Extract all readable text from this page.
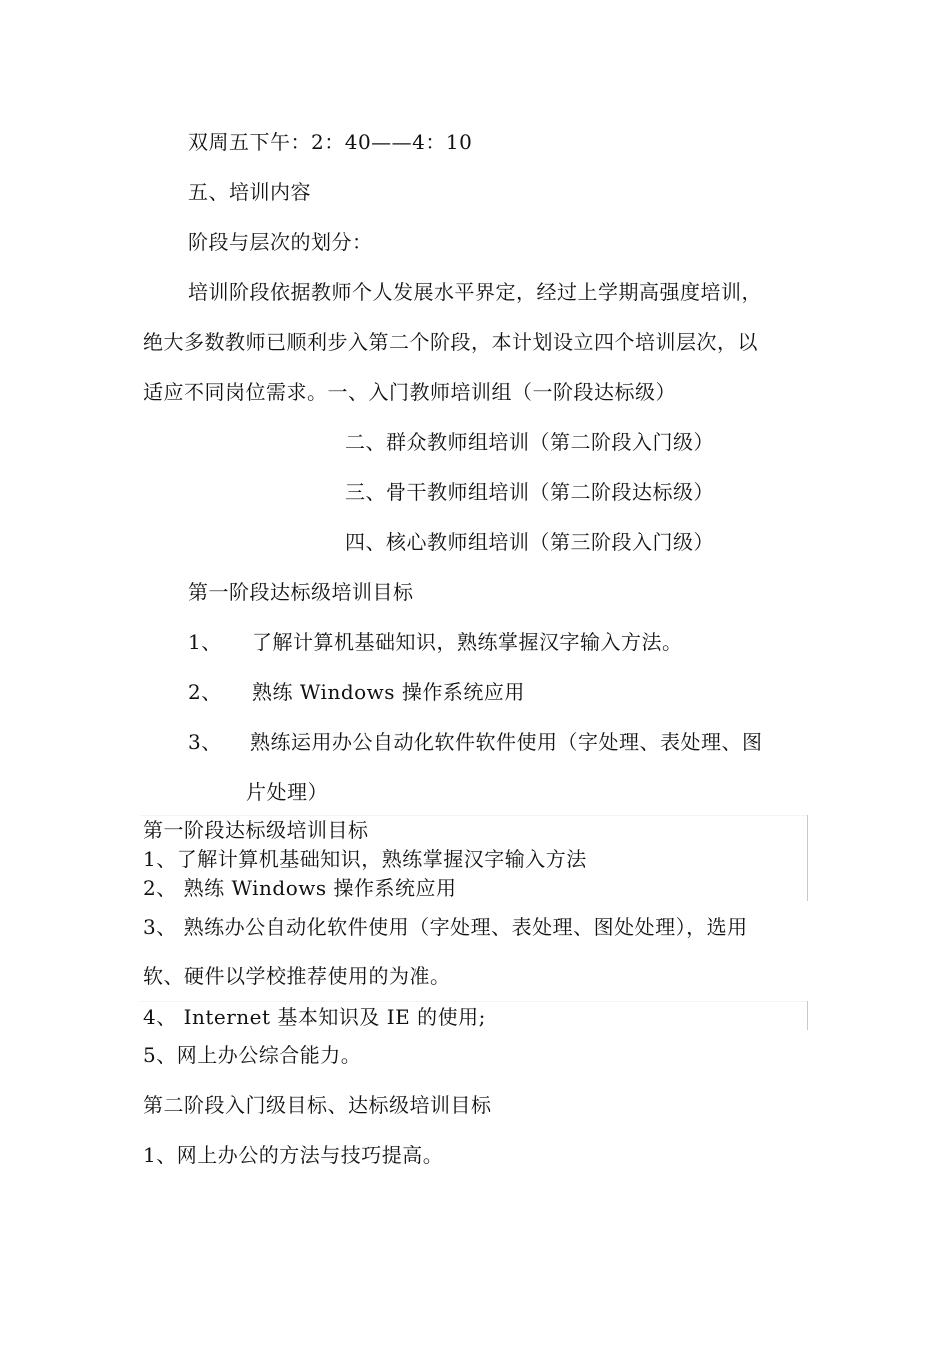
双周五下午：2：40——4：10
五、培训内容
阶段与层次的划分：
培训阶段依据教师个人发展水平界定，经过上学期高强度培训，
绝大多数教师已顺利步入第二个阶段，本计划设立四个培训层次，以
适应不同岗位需求。一、入门教师培训组（一阶段达标级）
二、群众教师组培训（第二阶段入门级）
三、骨干教师组培训（第二阶段达标级）
四、核心教师组培训（第三阶段入门级）
第一阶段达标级培训目标
1、 了解计算机基础知识，熟练掌握汉字输入方法。
2、 熟练 Windows 操作系统应用
3、 熟练运用办公自动化软件软件使用（字处理、表处理、图
片处理）
第一阶段达标级培训目标
1、了解计算机基础知识，熟练掌握汉字输入方法
2、 熟练 Windows 操作系统应用
3、 熟练办公自动化软件使用（字处理、表处理、图处处理），选用
软、硬件以学校推荐使用的为准。
4、 Internet 基本知识及 IE 的使用;
5、网上办公综合能力。
第二阶段入门级目标、达标级培训目标
1、网上办公的方法与技巧提高。
